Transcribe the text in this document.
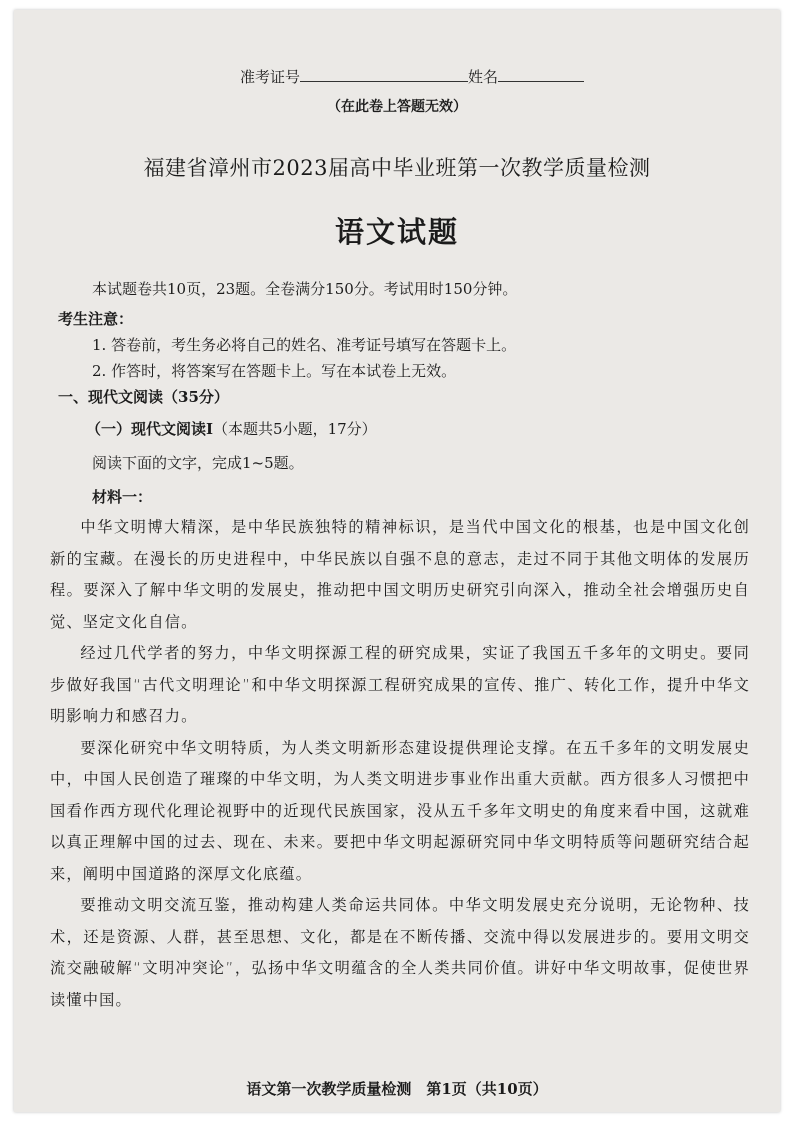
准考证号	姓名
（在此卷上答题无效）
福建省漳州市2023届高中毕业班第一次教学质量检测
语文试题
本试题卷共10页，23题。全卷满分150分。考试用时150分钟。
考生注意：
1. 答卷前，考生务必将自己的姓名、准考证号填写在答题卡上。
2. 作答时，将答案写在答题卡上。写在本试卷上无效。
一、现代文阅读（35分）
（一）现代文阅读Ⅰ（本题共5小题，17分）
阅读下面的文字，完成1~5题。
材料一：

中华文明博大精深，是中华民族独特的精神标识，是当代中国文化的根基，也是中国文化创新的宝藏。在漫长的历史进程中，中华民族以自强不息的意志，走过不同于其他文明体的发展历程。要深入了解中华文明的发展史，推动把中国文明历史研究引向深入，推动全社会增强历史自觉、坚定文化自信。

经过几代学者的努力，中华文明探源工程的研究成果，实证了我国五千多年的文明史。要同步做好我国“古代文明理论”和中华文明探源工程研究成果的宣传、推广、转化工作，提升中华文明影响力和感召力。

要深化研究中华文明特质，为人类文明新形态建设提供理论支撑。在五千多年的文明发展史中，中国人民创造了璀璨的中华文明，为人类文明进步事业作出重大贡献。西方很多人习惯把中国看作西方现代化理论视野中的近现代民族国家，没从五千多年文明史的角度来看中国，这就难以真正理解中国的过去、现在、未来。要把中华文明起源研究同中华文明特质等问题研究结合起来，阐明中国道路的深厚文化底蕴。

要推动文明交流互鉴，推动构建人类命运共同体。中华文明发展史充分说明，无论物种、技术，还是资源、人群，甚至思想、文化，都是在不断传播、交流中得以发展进步的。要用文明交流交融破解“文明冲突论”，弘扬中华文明蕴含的全人类共同价值。讲好中华文明故事，促使世界读懂中国。

语文第一次教学质量检测　第1页（共10页）
